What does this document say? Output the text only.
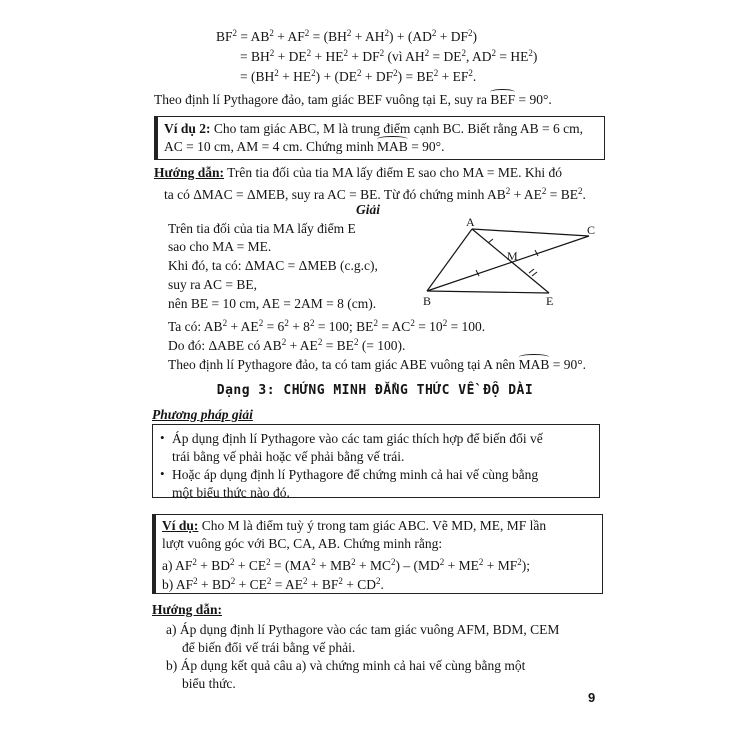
$BF^2 = AB^2 + AF^2 = (BH^2 + AH^2) + (AD^2 + DF^2)$
= $BH^2 + DE^2 + HE^2 + DF^2$ (vì $AH^2 = DE^2$, $AD^2 = HE^2$)
= $(BH^2 + HE^2) + (DE^2 + DF^2) = BE^2 + EF^2$.
Theo định lí Pythagore đảo, tam giác BEF vuông tại E, suy ra BEF = 90°.
Ví dụ 2: Cho tam giác ABC, M là trung điểm cạnh BC. Biết rằng AB = 6 cm,
AC = 10 cm, AM = 4 cm. Chứng minh MAB = 90°.
Hướng dẫn: Trên tia đối của tia MA lấy điểm E sao cho MA = ME. Khi đó
ta có ΔMAC = ΔMEB, suy ra AC = BE. Từ đó chứng minh $AB^2 + AE^2 = BE^2$.
Giải
Trên tia đối của tia MA lấy điểm E
sao cho MA = ME.
Khi đó, ta có: ΔMAC = ΔMEB (c.g.c),
suy ra AC = BE,
nên BE = 10 cm, AE = 2AM = 8 (cm).
Ta có: $AB^2 + AE^2 = 6^2 + 8^2 = 100$; $BE^2 = AC^2 = 10^2 = 100$.
Do đó: ΔABE có $AB^2 + AE^2 = BE^2$ (= 100).
Theo định lí Pythagore đảo, ta có tam giác ABE vuông tại A nên MAB = 90°.
A
C
M
B	E
Dạng 3: CHỨNG MINH ĐẲNG THỨC VỀ ĐỘ DÀI
Phương pháp giải
• Áp dụng định lí Pythagore vào các tam giác thích hợp để biến đổi vế
trái bằng vế phải hoặc vế phải bằng vế trái.
• Hoặc áp dụng định lí Pythagore để chứng minh cả hai vế cùng bằng
một biểu thức nào đó.
Ví dụ: Cho M là điểm tuỳ ý trong tam giác ABC. Vẽ MD, ME, MF lần
lượt vuông góc với BC, CA, AB. Chứng minh rằng:
a) $AF^2 + BD^2 + CE^2 = (MA^2 + MB^2 + MC^2) - (MD^2 + ME^2 + MF^2)$;
b) $AF^2 + BD^2 + CE^2 = AE^2 + BF^2 + CD^2$.
Hướng dẫn:
a) Áp dụng định lí Pythagore vào các tam giác vuông AFM, BDM, CEM
để biến đổi vế trái bằng vế phải.
b) Áp dụng kết quả câu a) và chứng minh cả hai vế cùng bằng một
biểu thức.
9
